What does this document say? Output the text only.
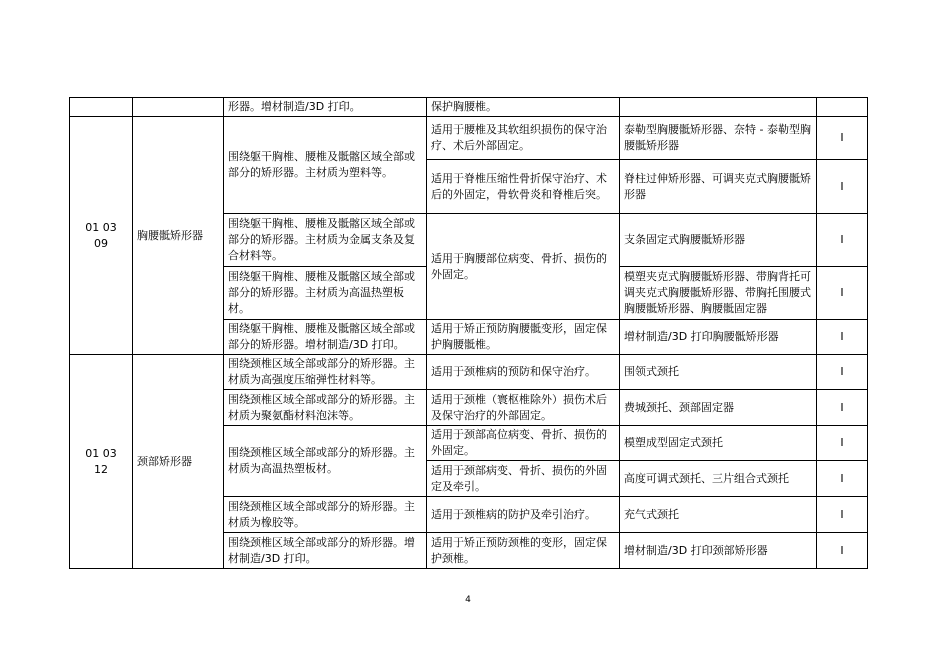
		形器。增材制造/3D 打印。	保护胸腰椎。		
01 03
09	胸腰骶矫形器	围绕躯干胸椎、腰椎及骶髂区域全部或部分的矫形器。主材质为塑料等。	适用于腰椎及其软组织损伤的保守治疗、术后外部固定。	泰勒型胸腰骶矫形器、奈特 - 泰勒型胸腰骶矫形器	I
			适用于脊椎压缩性骨折保守治疗、术后的外固定，骨软骨炎和脊椎后突。	脊柱过伸矫形器、可调夹克式胸腰骶矫形器	I
		围绕躯干胸椎、腰椎及骶髂区域全部或部分的矫形器。主材质为金属支条及复合材料等。	适用于胸腰部位病变、骨折、损伤的外固定。	支条固定式胸腰骶矫形器	I
		围绕躯干胸椎、腰椎及骶髂区域全部或部分的矫形器。主材质为高温热塑板材。		模塑夹克式胸腰骶矫形器、带胸背托可调夹克式胸腰骶矫形器、带胸托围腰式胸腰骶矫形器、胸腰骶固定器	I
		围绕躯干胸椎、腰椎及骶髂区域全部或部分的矫形器。增材制造/3D 打印。	适用于矫正预防胸腰骶变形，固定保护胸腰骶椎。	增材制造/3D 打印胸腰骶矫形器	I
01 03
12	颈部矫形器	围绕颈椎区域全部或部分的矫形器。主材质为高强度压缩弹性材料等。	适用于颈椎病的预防和保守治疗。	围领式颈托	I
		围绕颈椎区域全部或部分的矫形器。主材质为聚氨酯材料泡沫等。	适用于颈椎（寰枢椎除外）损伤术后及保守治疗的外部固定。	费城颈托、颈部固定器	I
		围绕颈椎区域全部或部分的矫形器。主材质为高温热塑板材。	适用于颈部高位病变、骨折、损伤的外固定。	模塑成型固定式颈托	I
			适用于颈部病变、骨折、损伤的外固定及牵引。	高度可调式颈托、三片组合式颈托	I
		围绕颈椎区域全部或部分的矫形器。主材质为橡胶等。	适用于颈椎病的防护及牵引治疗。	充气式颈托	I
		围绕颈椎区域全部或部分的矫形器。增材制造/3D 打印。	适用于矫正预防颈椎的变形，固定保护颈椎。	增材制造/3D 打印颈部矫形器	I
4
